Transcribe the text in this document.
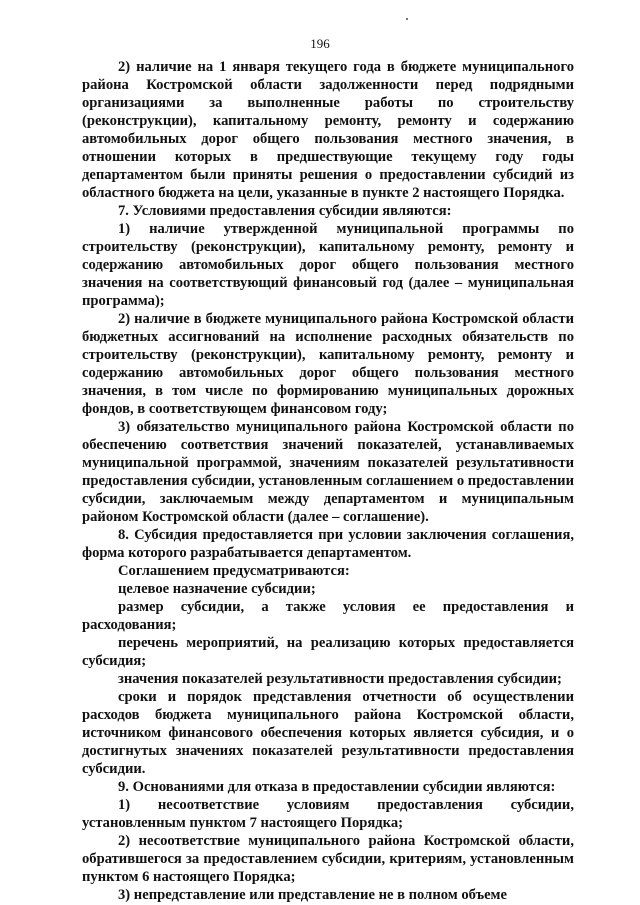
196

2) наличие на 1 января текущего года в бюджете муниципального района Костромской области задолженности перед подрядными организациями за выполненные работы по строительству (реконструкции), капитальному ремонту, ремонту и содержанию автомобильных дорог общего пользования местного значения, в отношении которых в предшествующие текущему году годы департаментом были приняты решения о предоставлении субсидий из областного бюджета на цели, указанные в пункте 2 настоящего Порядка.

7. Условиями предоставления субсидии являются:

1) наличие утвержденной муниципальной программы по строительству (реконструкции), капитальному ремонту, ремонту и содержанию автомобильных дорог общего пользования местного значения на соответствующий финансовый год (далее – муниципальная программа);

2) наличие в бюджете муниципального района Костромской области бюджетных ассигнований на исполнение расходных обязательств по строительству (реконструкции), капитальному ремонту, ремонту и содержанию автомобильных дорог общего пользования местного значения, в том числе по формированию муниципальных дорожных фондов, в соответствующем финансовом году;

3) обязательство муниципального района Костромской области по обеспечению соответствия значений показателей, устанавливаемых муниципальной программой, значениям показателей результативности предоставления субсидии, установленным соглашением о предоставлении субсидии, заключаемым между департаментом и муниципальным районом Костромской области (далее – соглашение).

8. Субсидия предоставляется при условии заключения соглашения, форма которого разрабатывается департаментом.

Соглашением предусматриваются:

целевое назначение субсидии;

размер субсидии, а также условия ее предоставления и расходования;

перечень мероприятий, на реализацию которых предоставляется субсидия;

значения показателей результативности предоставления субсидии;

сроки и порядок представления отчетности об осуществлении расходов бюджета муниципального района Костромской области, источником финансового обеспечения которых является субсидия, и о достигнутых значениях показателей результативности предоставления субсидии.

9. Основаниями для отказа в предоставлении субсидии являются:

1) несоответствие условиям предоставления субсидии, установленным пунктом 7 настоящего Порядка;

2) несоответствие муниципального района Костромской области, обратившегося за предоставлением субсидии, критериям, установленным пунктом 6 настоящего Порядка;

3) непредставление или представление не в полном объеме
